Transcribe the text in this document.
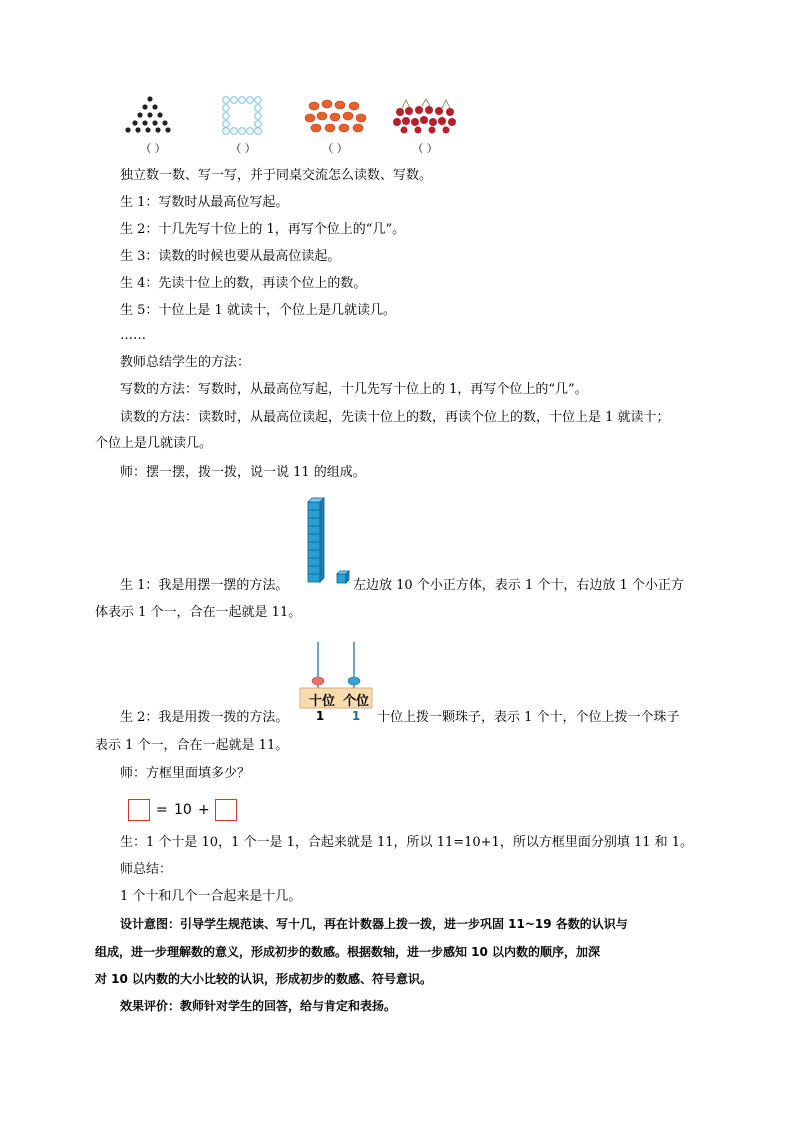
（ ）	（ ）	（ ）	（ ）
独立数一数、写一写，并于同桌交流怎么读数、写数。
生 1：写数时从最高位写起。
生 2：十几先写十位上的 1，再写个位上的“几”。
生 3：读数的时候也要从最高位读起。
生 4：先读十位上的数，再读个位上的数。
生 5：十位上是 1 就读十，个位上是几就读几。
……
教师总结学生的方法：
写数的方法：写数时，从最高位写起，十几先写十位上的 1，再写个位上的“几”。
读数的方法：读数时，从最高位读起，先读十位上的数，再读个位上的数，十位上是 1 就读十；
个位上是几就读几。
师：摆一摆，拨一拨，说一说 11 的组成。
生 1：我是用摆一摆的方法。	左边放 10 个小正方体，表示 1 个十，右边放 1 个小正方
体表示 1 个一，合在一起就是 11。
十位 个位
1	1
生 2：我是用拨一拨的方法。	十位上拨一颗珠子，表示 1 个十，个位上拨一个珠子
表示 1 个一，合在一起就是 11。
师：方框里面填多少？
= 10 +
生：1 个十是 10，1 个一是 1，合起来就是 11，所以 11=10+1，所以方框里面分别填 11 和 1。
师总结：
1 个十和几个一合起来是十几。
设计意图：引导学生规范读、写十几，再在计数器上拨一拨，进一步巩固 11~19 各数的认识与
组成，进一步理解数的意义，形成初步的数感。根据数轴，进一步感知 10 以内数的顺序，加深
对 10 以内数的大小比较的认识，形成初步的数感、符号意识。
效果评价：教师针对学生的回答，给与肯定和表扬。
